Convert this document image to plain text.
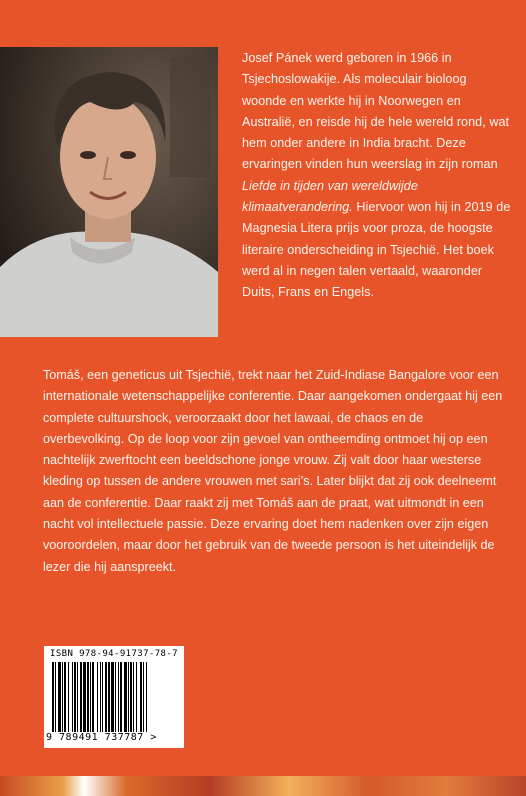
Josef Pánek werd geboren in 1966 in Tsjechoslowakije. Als moleculair bioloog woonde en werkte hij in Noorwegen en Australië, en reisde hij de hele wereld rond, wat hem onder andere in India bracht. Deze ervaringen vinden hun weerslag in zijn roman Liefde in tijden van wereldwijde klimaatverandering. Hiervoor won hij in 2019 de Magnesia Litera prijs voor proza, de hoogste literaire onderscheiding in Tsjechië. Het boek werd al in negen talen vertaald, waaronder Duits, Frans en Engels.

Tomáš, een geneticus uit Tsjechië, trekt naar het Zuid-Indiase Bangalore voor een internationale wetenschappelijke conferentie. Daar aangekomen ondergaat hij een complete cultuurshock, veroorzaakt door het lawaai, de chaos en de overbevolking. Op de loop voor zijn gevoel van ontheemding ontmoet hij op een nachtelijk zwerftocht een beeldschone jonge vrouw. Zij valt door haar westerse kleding op tussen de andere vrouwen met sari’s. Later blijkt dat zij ook deelneemt aan de conferentie. Daar raakt zij met Tomáš aan de praat, wat uitmondt in een nacht vol intellectuele passie. Deze ervaring doet hem nadenken over zijn eigen vooroordelen, maar door het gebruik van de tweede persoon is het uiteindelijk de lezer die hij aanspreekt.

ISBN 978-94-91737-78-7
9 789491 737787 >
